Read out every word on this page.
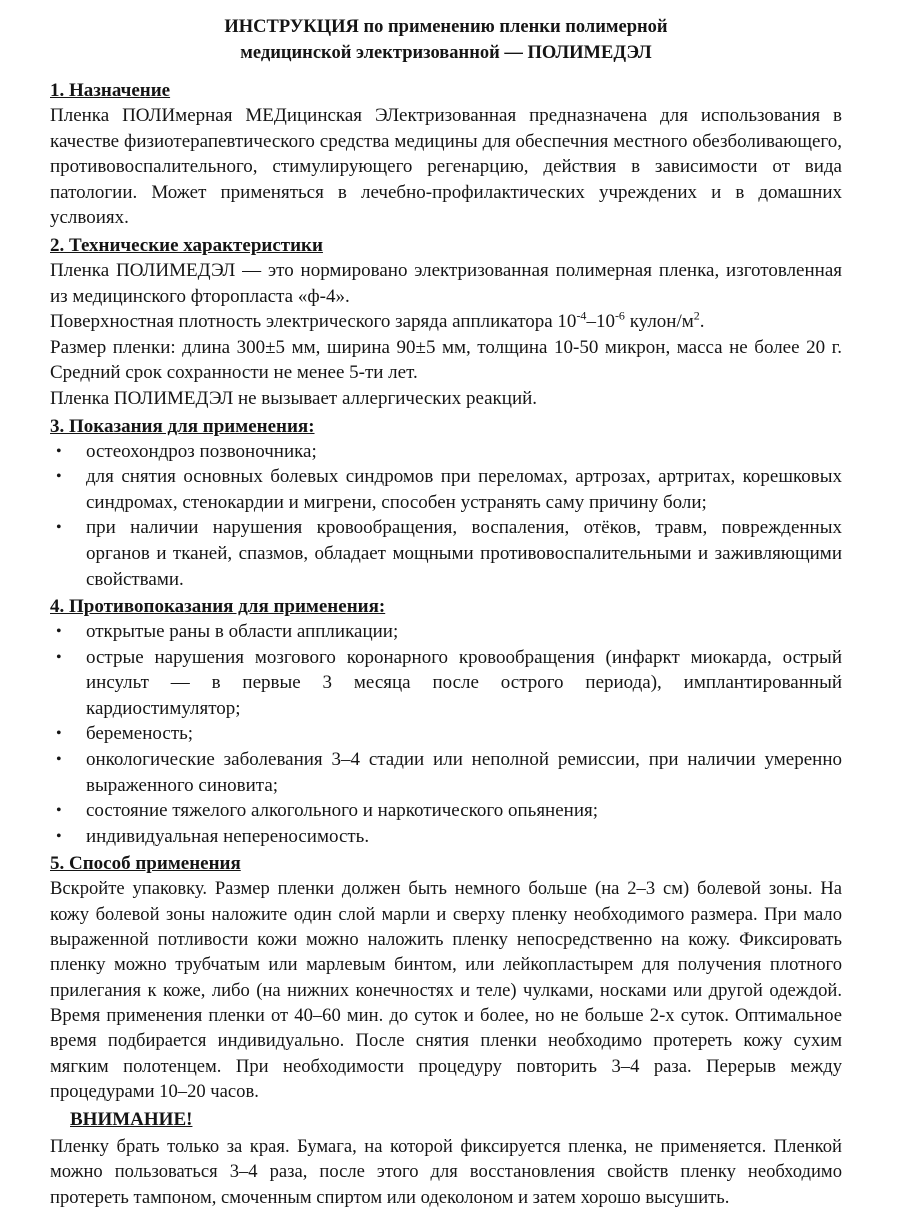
ИНСТРУКЦИЯ по применению пленки полимерной
медицинской электризованной — ПОЛИМЕДЭЛ
1. Назначение

Пленка ПОЛИмерная МЕДицинская ЭЛектризованная предназначена для использования в качестве физиотерапевтического средства медицины для обеспечния местного обезболивающего, противовоспалительного, стимулирующего регенарцию, действия в зависимости от вида патологии. Может применяться в лечебно-профилактических учреждених и в домашних услвоиях.

2. Технические характеристики

Пленка ПОЛИМЕДЭЛ — это нормировано электризованная полимерная пленка, изготовленная из медицинского фторопласта «ф-4».

Поверхностная плотность электрического заряда аппликатора $10^{-4}-10^{-6}$ кулон/$м^2$.

Размер пленки: длина 300±5 мм, ширина 90±5 мм, толщина 10-50 микрон, масса не более 20 г. Средний срок сохранности не менее 5-ти лет.

Пленка ПОЛИМЕДЭЛ не вызывает аллергических реакций.

3. Показания для применения:
• остеохондроз позвоночника;
• для снятия основных болевых синдромов при переломах, артрозах, артритах, корешковых синдромах, стенокардии и мигрени, способен устранять саму причину боли;
• при наличии нарушения кровообращения, воспаления, отёков, травм, поврежденных органов и тканей, спазмов, обладает мощными противовоспалительными и заживляющими свойствами.
4. Противопоказания для применения:
• открытые раны в области аппликации;
• острые нарушения мозгового коронарного кровообращения (инфаркт миокарда, острый инсульт — в первые 3 месяца после острого периода), имплантированный кардиостимулятор;
• беременость;
• онкологические заболевания 3–4 стадии или неполной ремиссии, при наличии умеренно выраженного синовита;
• состояние тяжелого алкогольного и наркотического опьянения;
• индивидуальная непереносимость.
5. Способ применения

Вскройте упаковку. Размер пленки должен быть немного больше (на 2–3 см) болевой зоны. На кожу болевой зоны наложите один слой марли и сверху пленку необходимого размера. При мало выраженной потливости кожи можно наложить пленку непосредственно на кожу. Фиксировать пленку можно трубчатым или марлевым бинтом, или лейкопластырем для получения плотного прилегания к коже, либо (на нижних конечностях и теле) чулками, носками или другой одеждой. Время применения пленки от 40–60 мин. до суток и более, но не больше 2-х суток. Оптимальное время подбирается индивидуально. После снятия пленки необходимо протереть кожу сухим мягким полотенцем. При необходимости процедуру повторить 3–4 раза. Перерыв между процедурами 10–20 часов.

ВНИМАНИЕ!

Пленку брать только за края. Бумага, на которой фиксируется пленка, не применяется. Пленкой можно пользоваться 3–4 раза, после этого для восстановления свойств пленку необходимо протереть тампоном, смоченным спиртом или одеколоном и затем хорошо высушить.
